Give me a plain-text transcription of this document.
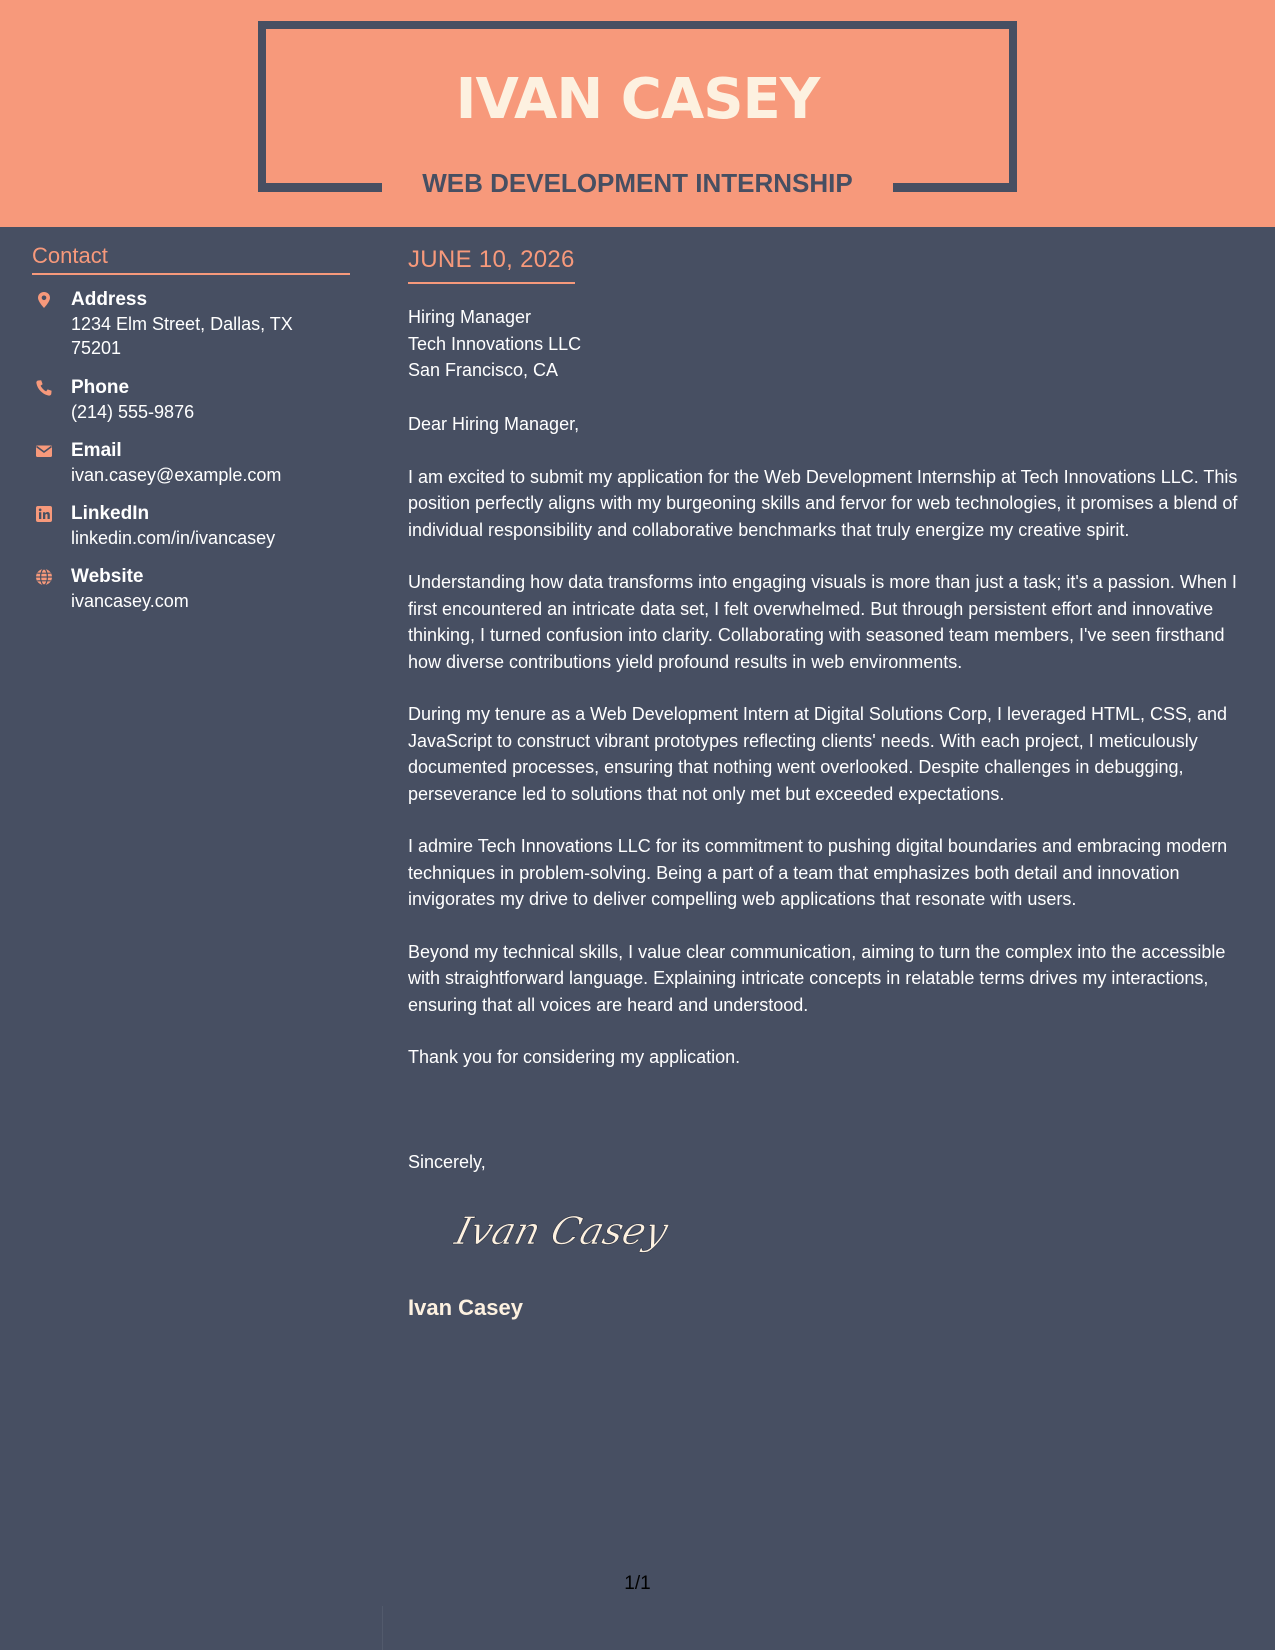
IVAN CASEY
WEB DEVELOPMENT INTERNSHIP
Contact
Address
1234 Elm Street, Dallas, TX 75201
Phone
(214) 555-9876
Email
ivan.casey@example.com
LinkedIn
linkedin.com/in/ivancasey
Website
ivancasey.com
JUNE 10, 2026
Hiring Manager
Tech Innovations LLC
San Francisco, CA

Dear Hiring Manager,

I am excited to submit my application for the Web Development Internship at Tech Innovations LLC. This position perfectly aligns with my burgeoning skills and fervor for web technologies, it promises a blend of individual responsibility and collaborative benchmarks that truly energize my creative spirit.

Understanding how data transforms into engaging visuals is more than just a task; it's a passion. When I first encountered an intricate data set, I felt overwhelmed. But through persistent effort and innovative thinking, I turned confusion into clarity. Collaborating with seasoned team members, I've seen firsthand how diverse contributions yield profound results in web environments.

During my tenure as a Web Development Intern at Digital Solutions Corp, I leveraged HTML, CSS, and JavaScript to construct vibrant prototypes reflecting clients' needs. With each project, I meticulously documented processes, ensuring that nothing went overlooked. Despite challenges in debugging, perseverance led to solutions that not only met but exceeded expectations.

I admire Tech Innovations LLC for its commitment to pushing digital boundaries and embracing modern techniques in problem-solving. Being a part of a team that emphasizes both detail and innovation invigorates my drive to deliver compelling web applications that resonate with users.

Beyond my technical skills, I value clear communication, aiming to turn the complex into the accessible with straightforward language. Explaining intricate concepts in relatable terms drives my interactions, ensuring that all voices are heard and understood.

Thank you for considering my application.

Sincerely,
Ivan Casey
Ivan Casey
1/1
